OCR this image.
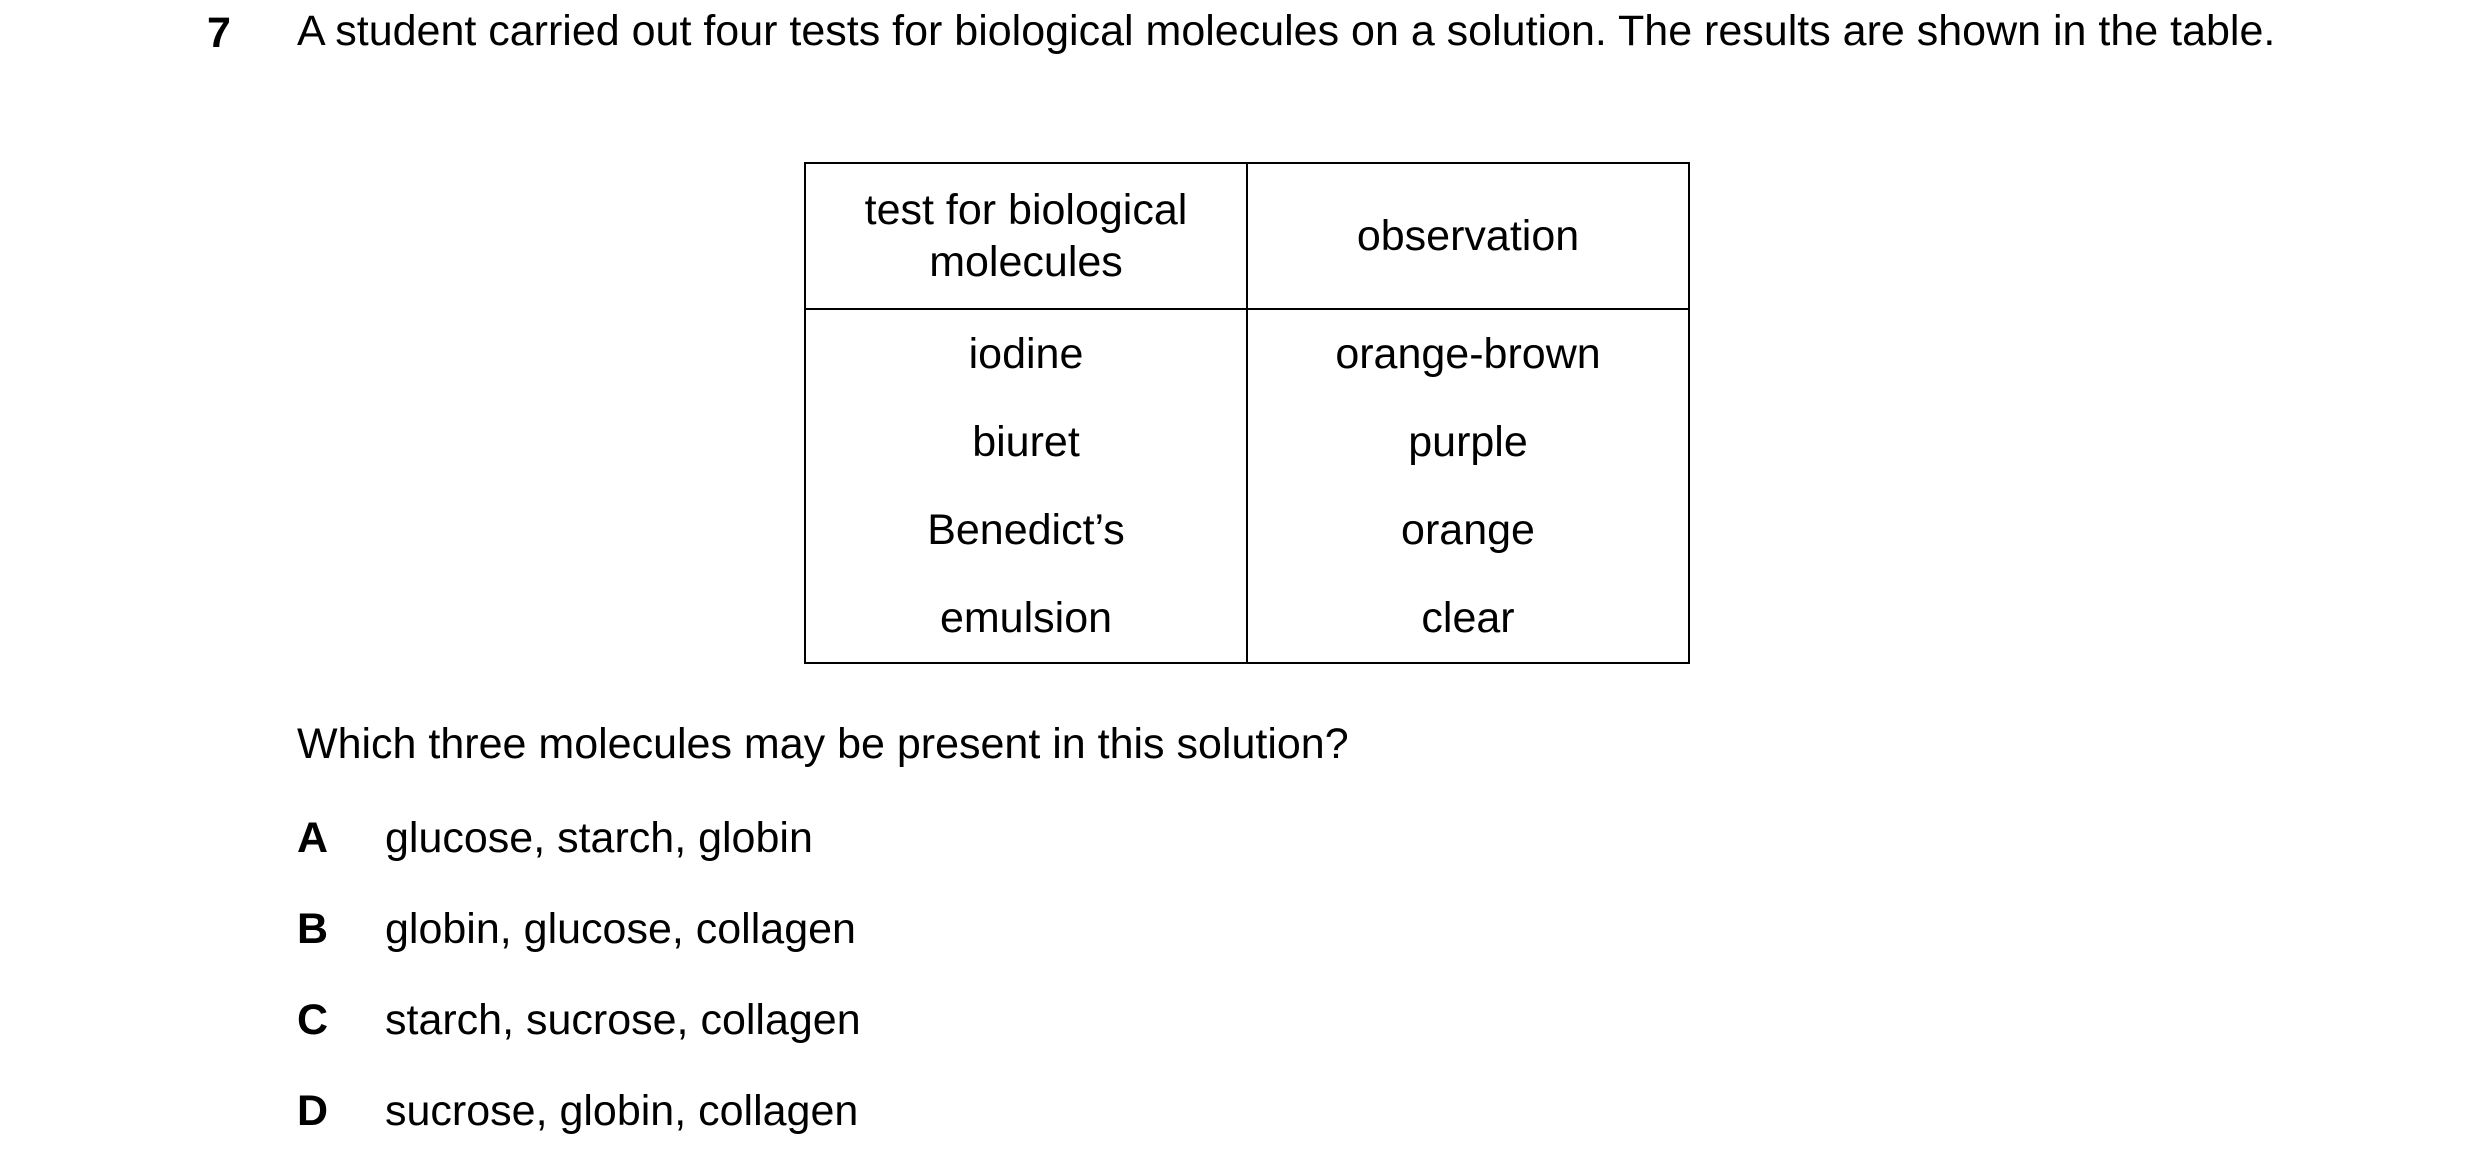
7 A student carried out four tests for biological molecules on a solution. The results are shown in the table.
test for biological molecules	observation
iodine	orange-brown
biuret	purple
Benedict’s	orange
emulsion	clear
Which three molecules may be present in this solution?
A	glucose, starch, globin
B	globin, glucose, collagen
C	starch, sucrose, collagen
D	sucrose, globin, collagen
